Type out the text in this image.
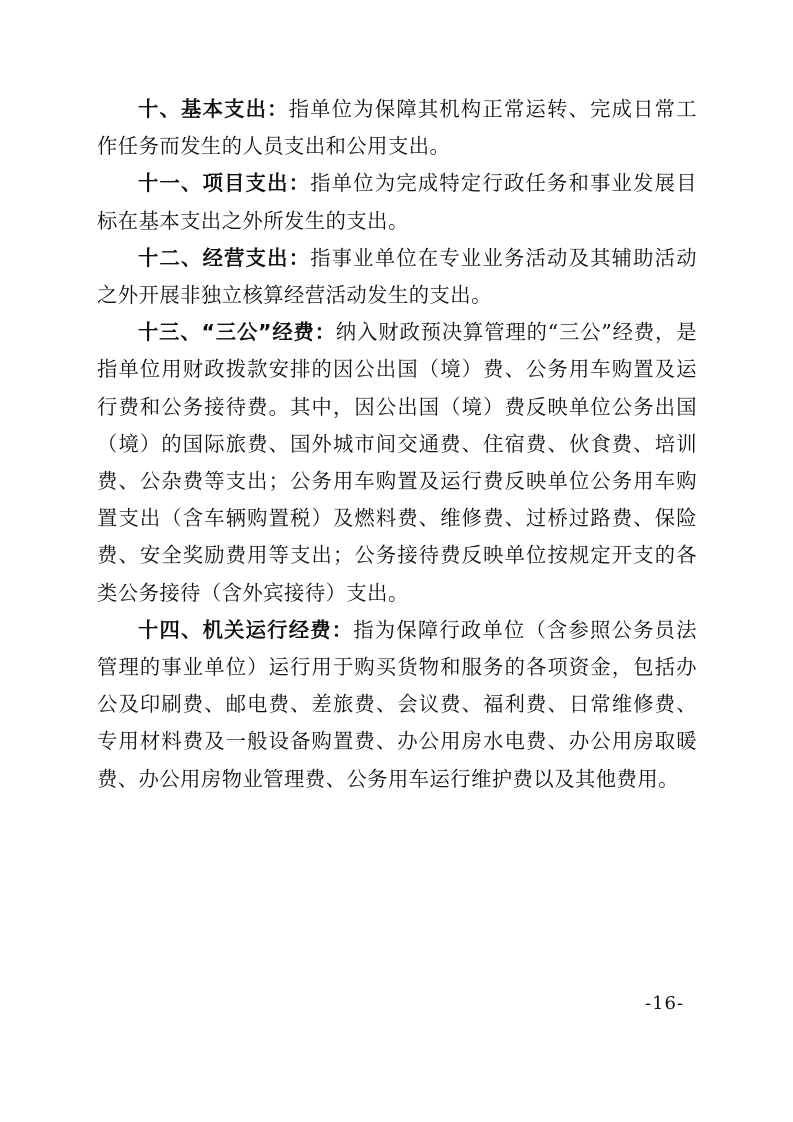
十、基本支出：指单位为保障其机构正常运转、完成日常工作任务而发生的人员支出和公用支出。

十一、项目支出：指单位为完成特定行政任务和事业发展目标在基本支出之外所发生的支出。

十二、经营支出：指事业单位在专业业务活动及其辅助活动之外开展非独立核算经营活动发生的支出。

十三、“三公”经费：纳入财政预决算管理的“三公”经费，是指单位用财政拨款安排的因公出国（境）费、公务用车购置及运行费和公务接待费。其中，因公出国（境）费反映单位公务出国（境）的国际旅费、国外城市间交通费、住宿费、伙食费、培训费、公杂费等支出；公务用车购置及运行费反映单位公务用车购置支出（含车辆购置税）及燃料费、维修费、过桥过路费、保险费、安全奖励费用等支出；公务接待费反映单位按规定开支的各类公务接待（含外宾接待）支出。

十四、机关运行经费：指为保障行政单位（含参照公务员法管理的事业单位）运行用于购买货物和服务的各项资金，包括办公及印刷费、邮电费、差旅费、会议费、福利费、日常维修费、专用材料费及一般设备购置费、办公用房水电费、办公用房取暖费、办公用房物业管理费、公务用车运行维护费以及其他费用。

-16-
